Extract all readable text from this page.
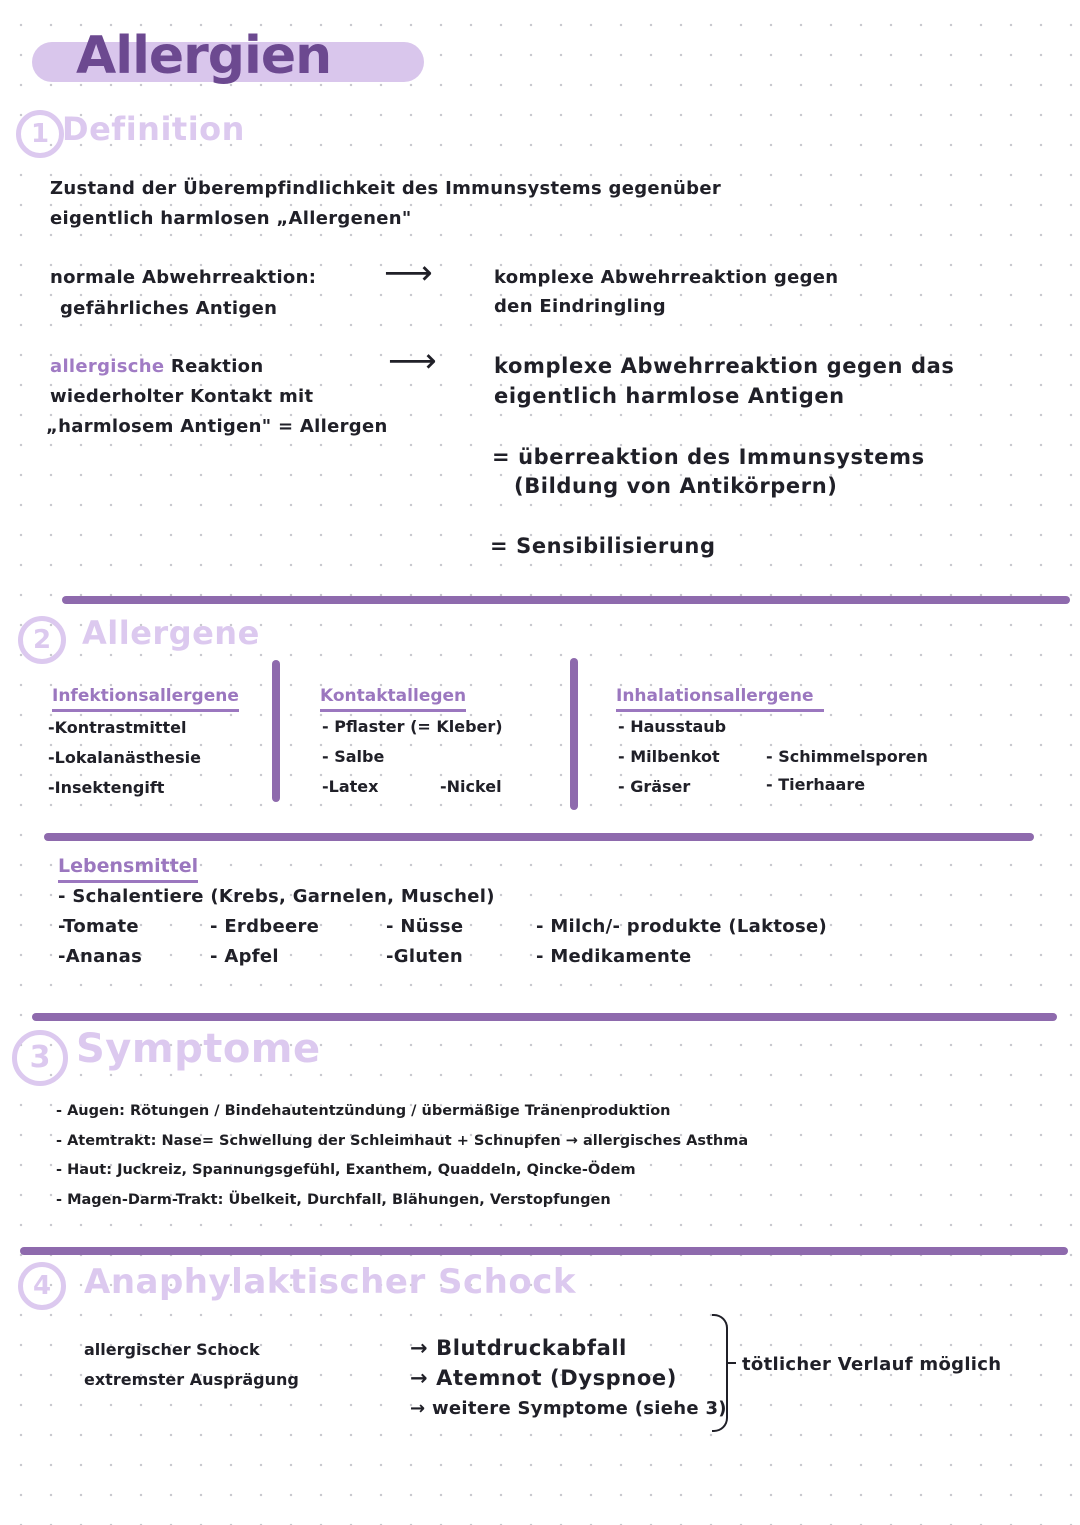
Allergien
1 Definition
Zustand der Überempfindlichkeit des Immunsystems gegenüber
eigentlich harmlosen „Allergenen"
normale Abwehrreaktion:
gefährliches Antigen
⟶	komplexe Abwehrreaktion gegen
den Eindringling
allergische Reaktion
wiederholter Kontakt mit
„harmlosem Antigen" = Allergen
⟶	komplexe Abwehrreaktion gegen das
eigentlich harmlose Antigen
= überreaktion des Immunsystems
(Bildung von Antikörpern)
= Sensibilisierung
2 Allergene
Infektionsallergene
-Kontrastmittel
-Lokalanästhesie
-Insektengift
Kontaktallegen
- Pflaster (= Kleber)
- Salbe
-Latex	-Nickel
Inhalationsallergene
- Hausstaub
- Milbenkot	- Schimmelsporen
- Gräser	- Tierhaare
Lebensmittel
- Schalentiere (Krebs, Garnelen, Muschel)
-Tomate	- Erdbeere	- Nüsse	- Milch/- produkte (Laktose)
-Ananas	- Apfel	-Gluten	- Medikamente
3 Symptome
- Augen: Rötungen / Bindehautentzündung / übermäßige Tränenproduktion
- Atemtrakt: Nase= Schwellung der Schleimhaut + Schnupfen → allergisches Asthma
- Haut: Juckreiz, Spannungsgefühl, Exanthem, Quaddeln, Qincke-Ödem
- Magen-Darm-Trakt: Übelkeit, Durchfall, Blähungen, Verstopfungen
4 Anaphylaktischer Schock
allergischer Schock
extremster Ausprägung
→ Blutdruckabfall
→ Atemnot (Dyspnoe)
→ weitere Symptome (siehe 3)
tötlicher Verlauf möglich
